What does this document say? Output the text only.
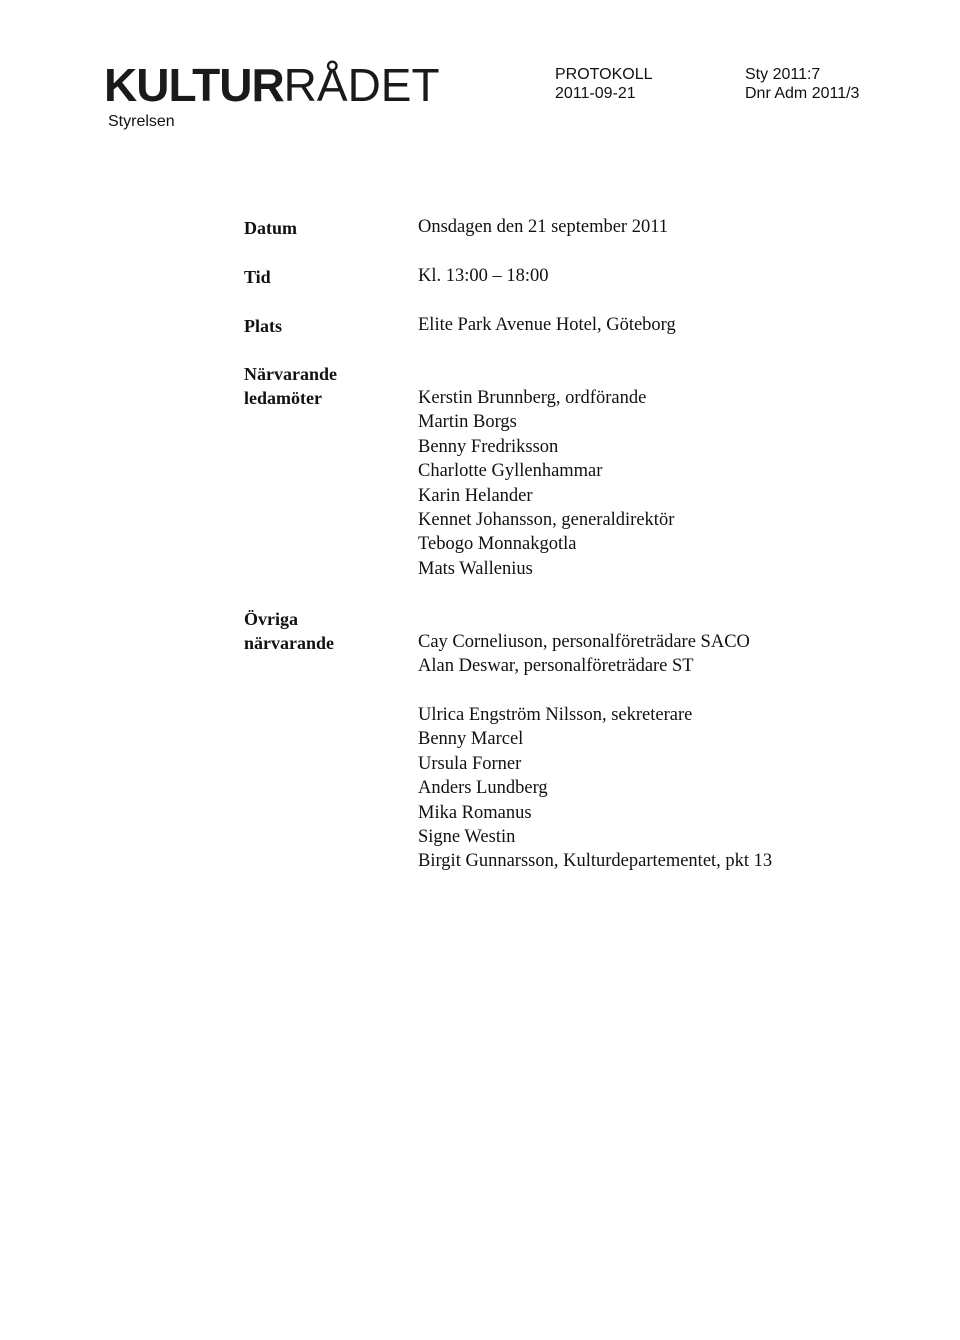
KULTURRÅDET
Styrelsen
PROTOKOLL
2011-09-21
Sty 2011:7
Dnr Adm 2011/3
Datum	Onsdagen den 21 september 2011
Tid	Kl. 13:00 – 18:00
Plats	Elite Park Avenue Hotel, Göteborg
Närvarande
ledamöter	Kerstin Brunnberg, ordförande
Martin Borgs
Benny Fredriksson
Charlotte Gyllenhammar
Karin Helander
Kennet Johansson, generaldirektör
Tebogo Monnakgotla
Mats Wallenius
Övriga
närvarande	Cay Corneliuson, personalföreträdare SACO
Alan Deswar, personalföreträdare ST
Ulrica Engström Nilsson, sekreterare
Benny Marcel
Ursula Forner
Anders Lundberg
Mika Romanus
Signe Westin
Birgit Gunnarsson, Kulturdepartementet, pkt 13
